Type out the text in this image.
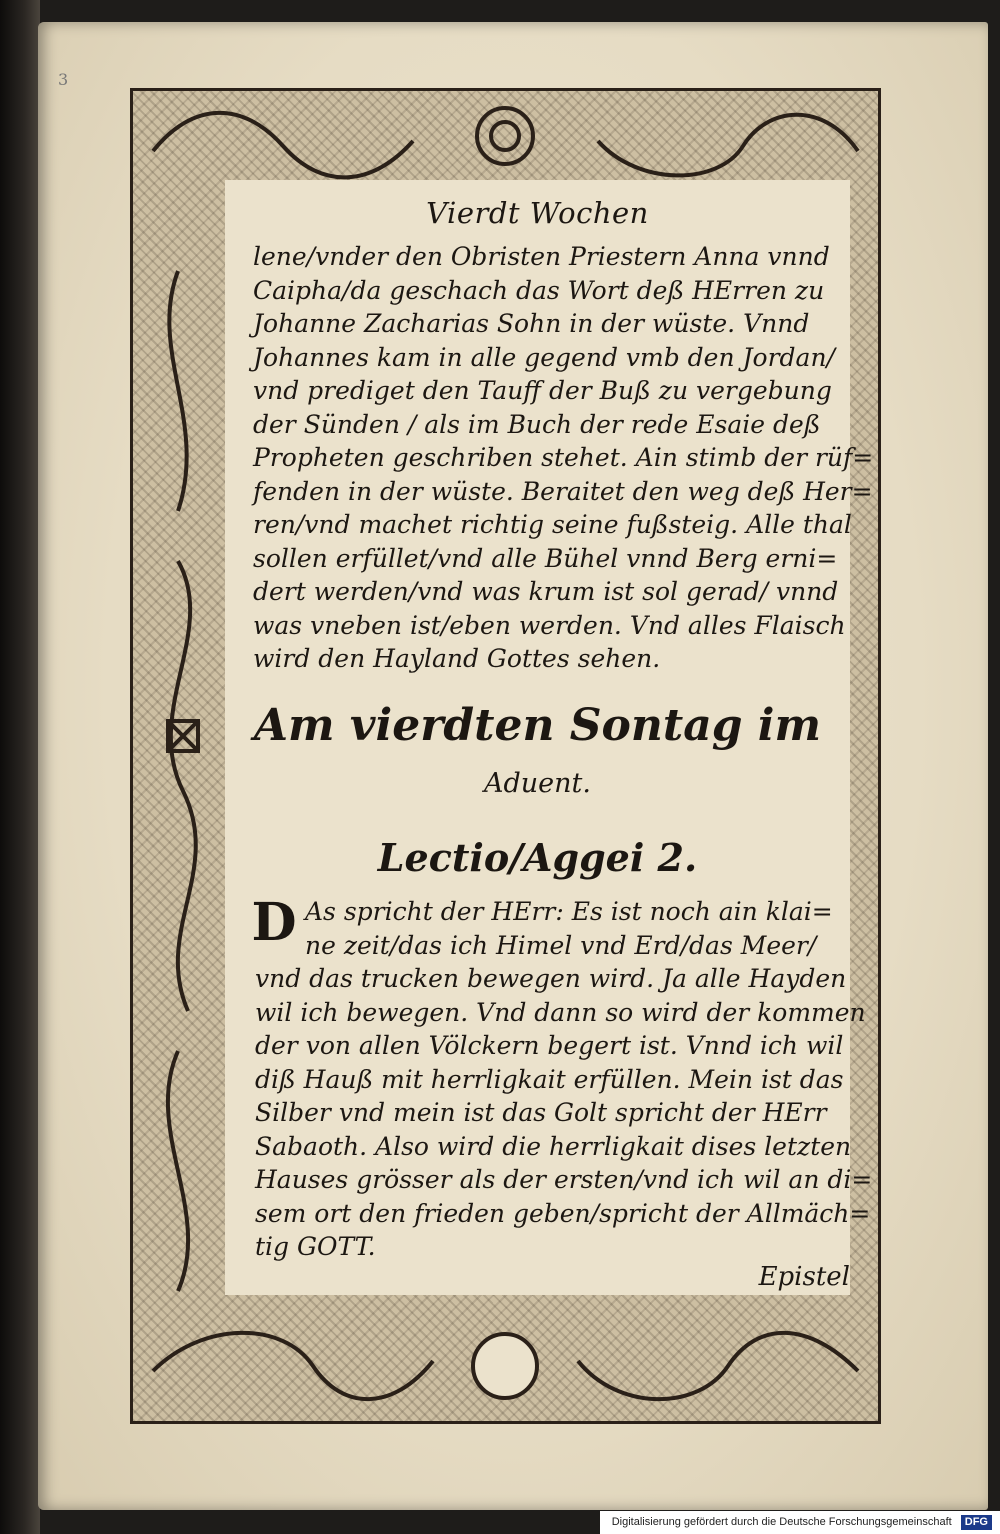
3
Vierdt Wochen
lene/vnder den Obristen Priestern Anna vnnd
Caipha/da geschach das Wort deß HErren zu
Johanne Zacharias Sohn in der wüste. Vnnd
Johannes kam in alle gegend vmb den Jordan/
vnd prediget den Tauff der Buß zu vergebung
der Sünden / als im Buch der rede Esaie deß
Propheten geschriben stehet. Ain stimb der rüf=
fenden in der wüste. Beraitet den weg deß Her=
ren/vnd machet richtig seine fußsteig. Alle thal
sollen erfüllet/vnd alle Bühel vnnd Berg erni=
dert werden/vnd was krum ist sol gerad/ vnnd
was vneben ist/eben werden. Vnd alles Flaisch
wird den Hayland Gottes sehen.
Am vierdten Sontag im
Aduent.
Lectio/Aggei 2.
D As spricht der HErr: Es ist noch ain klai=
ne zeit/das ich Himel vnd Erd/das Meer/
vnd das trucken bewegen wird. Ja alle Hayden
wil ich bewegen. Vnd dann so wird der kommen
der von allen Völckern begert ist. Vnnd ich wil
diß Hauß mit herrligkait erfüllen. Mein ist das
Silber vnd mein ist das Golt spricht der HErr
Sabaoth. Also wird die herrligkait dises letzten
Hauses grösser als der ersten/vnd ich wil an di=
sem ort den frieden geben/spricht der Allmäch=
tig GOTT.
Epistel
Digitalisierung gefördert durch die Deutsche Forschungsgemeinschaft DFG
